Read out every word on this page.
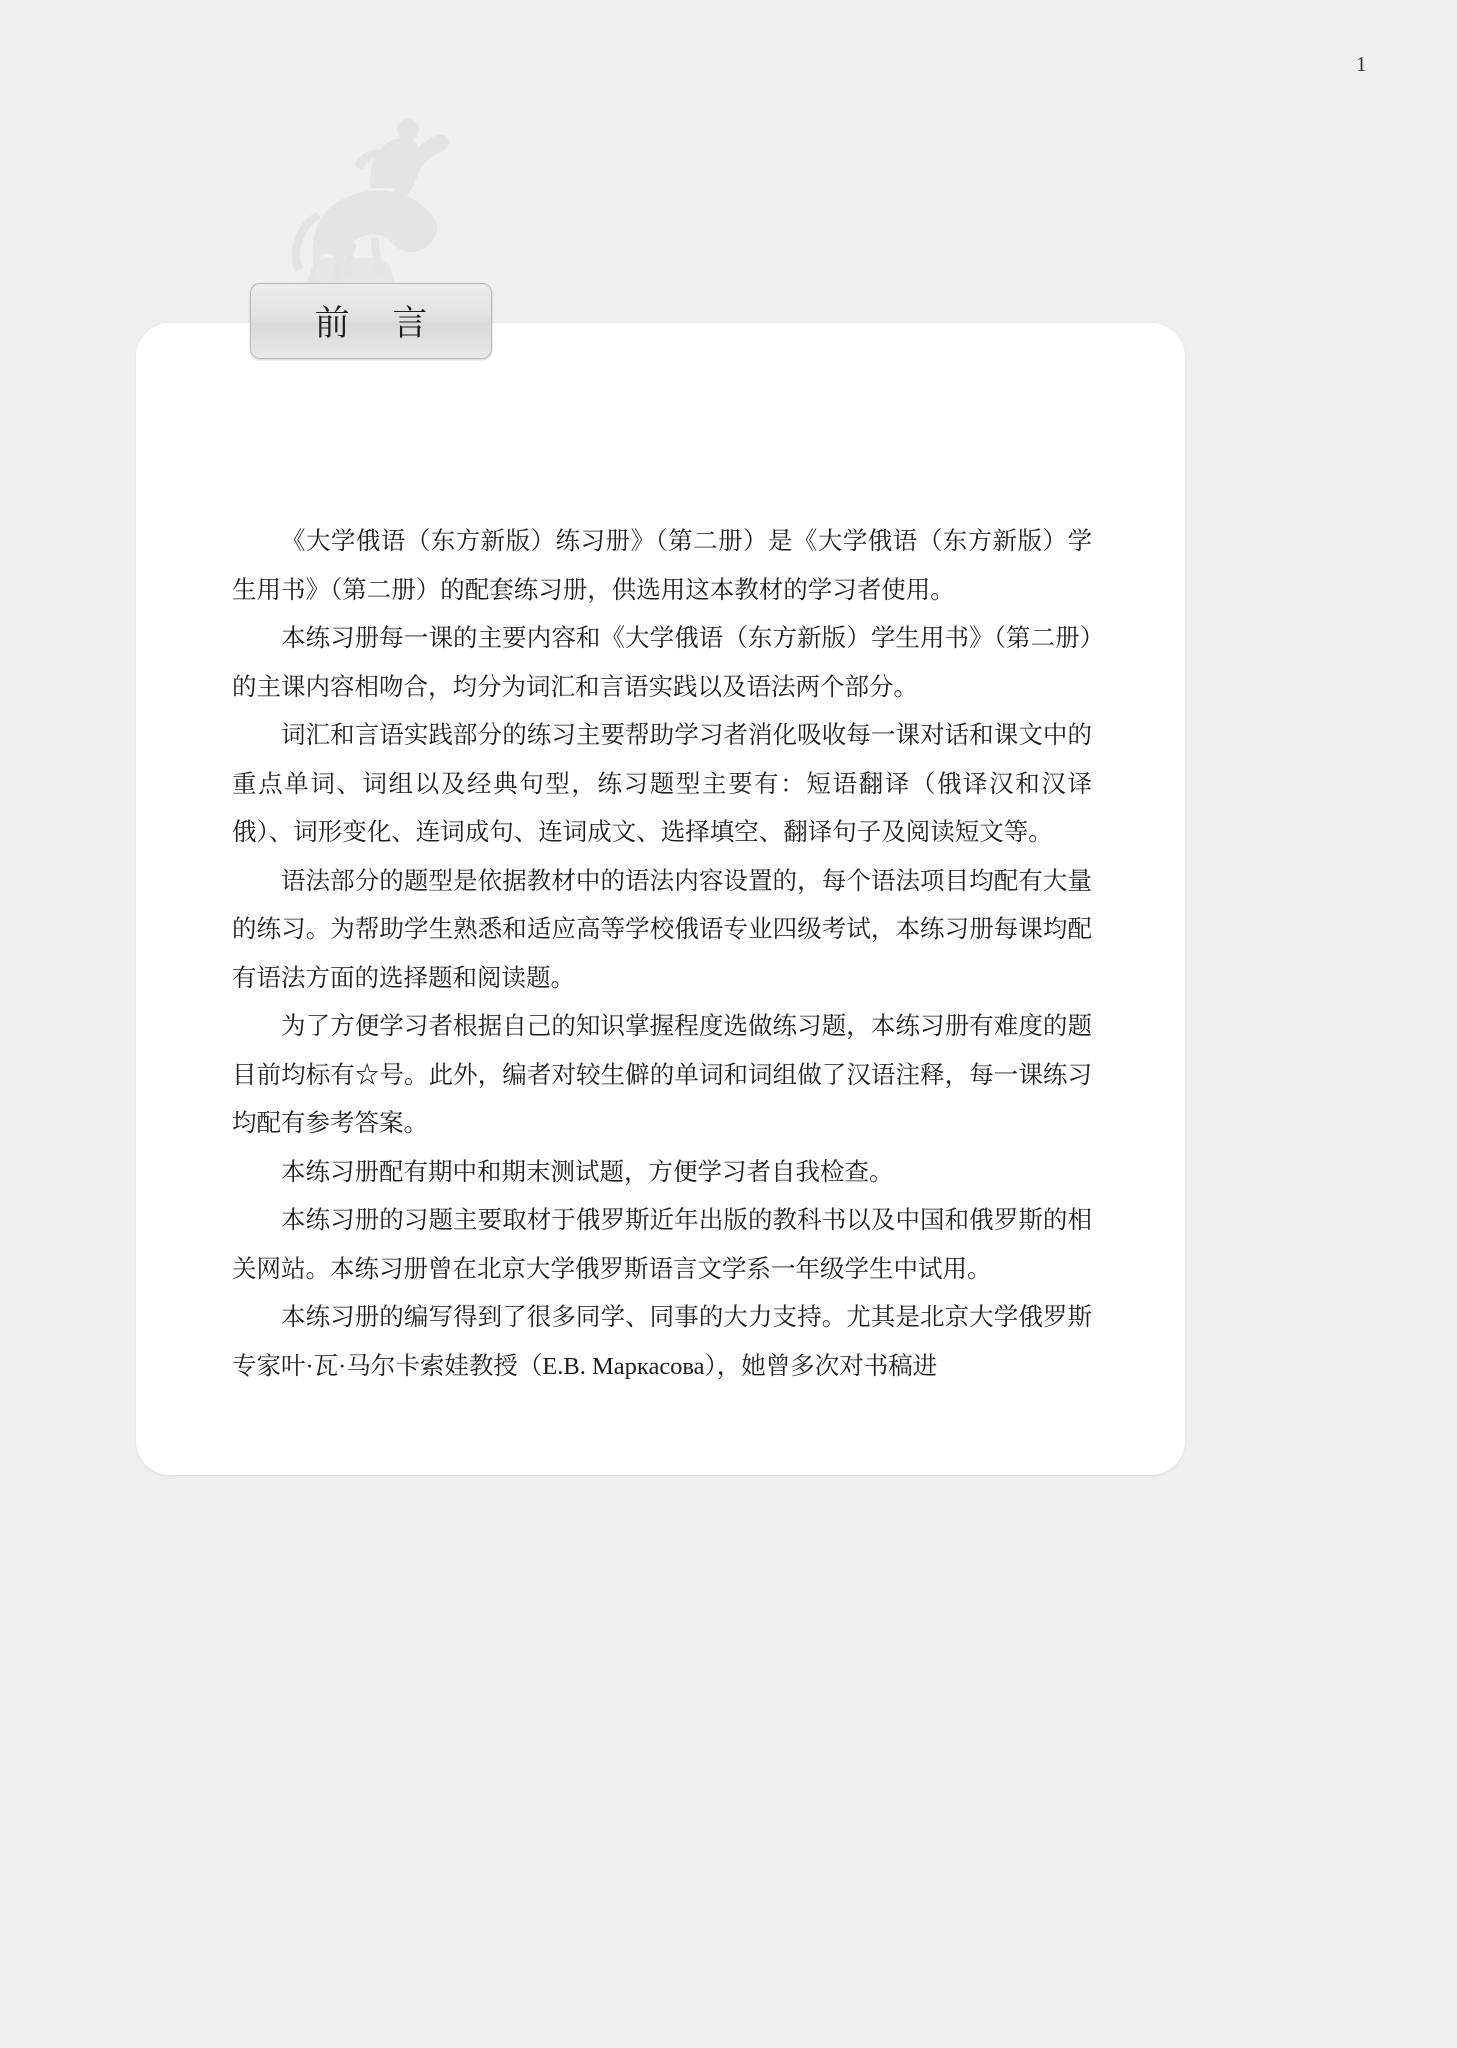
1

《大学俄语（东方新版）练习册》（第二册）是《大学俄语（东方新版）学生用书》（第二册）的配套练习册，供选用这本教材的学习者使用。

本练习册每一课的主要内容和《大学俄语（东方新版）学生用书》（第二册）的主课内容相吻合，均分为词汇和言语实践以及语法两个部分。

词汇和言语实践部分的练习主要帮助学习者消化吸收每一课对话和课文中的重点单词、词组以及经典句型，练习题型主要有：短语翻译（俄译汉和汉译俄）、词形变化、连词成句、连词成文、选择填空、翻译句子及阅读短文等。

语法部分的题型是依据教材中的语法内容设置的，每个语法项目均配有大量的练习。为帮助学生熟悉和适应高等学校俄语专业四级考试，本练习册每课均配有语法方面的选择题和阅读题。

为了方便学习者根据自己的知识掌握程度选做练习题，本练习册有难度的题目前均标有☆号。此外，编者对较生僻的单词和词组做了汉语注释，每一课练习均配有参考答案。

本练习册配有期中和期末测试题，方便学习者自我检查。

本练习册的习题主要取材于俄罗斯近年出版的教科书以及中国和俄罗斯的相关网站。本练习册曾在北京大学俄罗斯语言文学系一年级学生中试用。

本练习册的编写得到了很多同学、同事的大力支持。尤其是北京大学俄罗斯专家叶·瓦·马尔卡索娃教授（Е.В. Маркасова），她曾多次对书稿进

前 言
